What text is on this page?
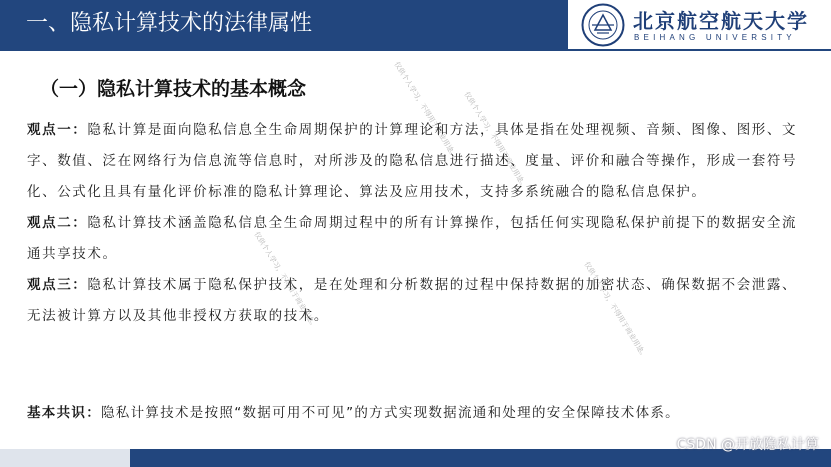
一、隐私计算技术的法律属性	北京航空航天大学
BEIHANG UNIVERSITY
（一）隐私计算技术的基本概念

观点一：隐私计算是面向隐私信息全生命周期保护的计算理论和方法，具体是指在处理视频、音频、图像、图形、文字、数值、泛在网络行为信息流等信息时，对所涉及的隐私信息进行描述、度量、评价和融合等操作，形成一套符号化、公式化且具有量化评价标准的隐私计算理论、算法及应用技术，支持多系统融合的隐私信息保护。

观点二：隐私计算技术涵盖隐私信息全生命周期过程中的所有计算操作，包括任何实现隐私保护前提下的数据安全流通共享技术。

观点三：隐私计算技术属于隐私保护技术，是在处理和分析数据的过程中保持数据的加密状态、确保数据不会泄露、无法被计算方以及其他非授权方获取的技术。

基本共识：隐私计算技术是按照“数据可用不可见”的方式实现数据流通和处理的安全保障技术体系。
仅供个人学习，不得用于商业用途。 仅供个人学习，不得用于商业用途。
仅供个人学习，不得用于商业用途。	仅供个人学习，不得用于商业用途。
CSDN @开放隐私计算
